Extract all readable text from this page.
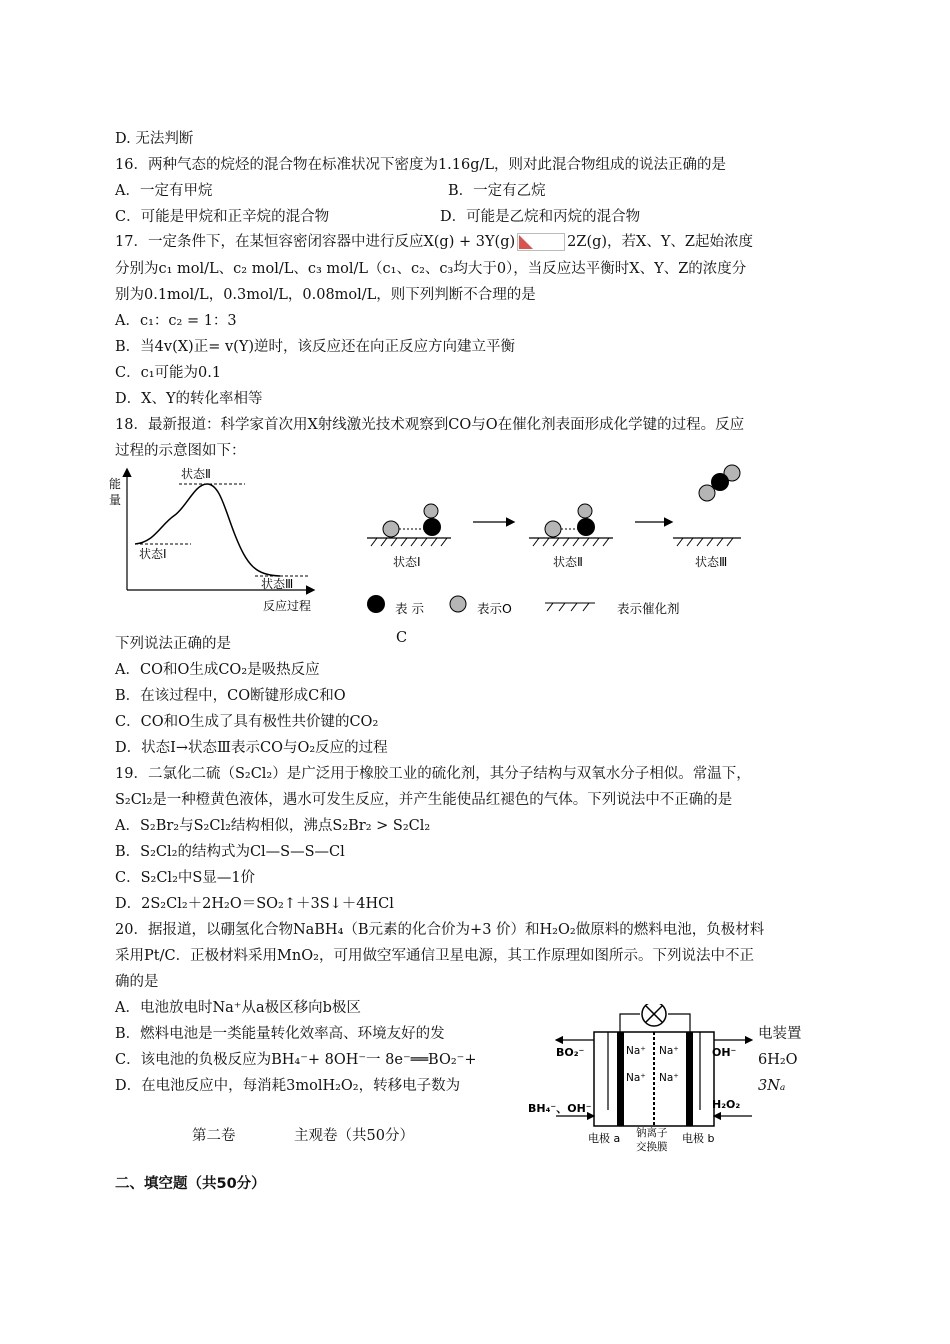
D. 无法判断
16．两种气态的烷烃的混合物在标准状况下密度为1.16g/L，则对此混合物组成的说法正确的是
A．一定有甲烷	B．一定有乙烷
C．可能是甲烷和正辛烷的混合物	D．可能是乙烷和丙烷的混合物
17．一定条件下，在某恒容密闭容器中进行反应X(g) + 3Y(g)	2Z(g)，若X、Y、Z起始浓度
分别为c₁ mol/L、c₂ mol/L、c₃ mol/L（c₁、c₂、c₃均大于0），当反应达平衡时X、Y、Z的浓度分
别为0.1mol/L，0.3mol/L，0.08mol/L，则下列判断不合理的是
A．c₁：c₂ = 1：3
B．当4v(X)正= v(Y)逆时，该反应还在向正反应方向建立平衡
C．c₁可能为0.1
D．X、Y的转化率相等
18．最新报道：科学家首次用X射线激光技术观察到CO与O在催化剂表面形成化学键的过程。反应
过程的示意图如下：
能
量
反应过程
状态Ⅱ
状态Ⅰ
状态Ⅲ
状态Ⅰ	状态Ⅱ	状态Ⅲ
表 示	表示O	表示催化剂
C
下列说法正确的是
A．CO和O生成CO₂是吸热反应
B．在该过程中，CO断键形成C和O
C．CO和O生成了具有极性共价键的CO₂
D．状态Ⅰ→状态Ⅲ表示CO与O₂反应的过程
19．二氯化二硫（S₂Cl₂）是广泛用于橡胶工业的硫化剂，其分子结构与双氧水分子相似。常温下，
S₂Cl₂是一种橙黄色液体，遇水可发生反应，并产生能使品红褪色的气体。下列说法中不正确的是
A．S₂Br₂与S₂Cl₂结构相似，沸点S₂Br₂ > S₂Cl₂
B．S₂Cl₂的结构式为Cl—S—S—Cl
C．S₂Cl₂中S显—1价
D．2S₂Cl₂＋2H₂O＝SO₂↑＋3S↓＋4HCl
20．据报道，以硼氢化合物NaBH₄（B元素的化合价为+3 价）和H₂O₂做原料的燃料电池，负极材料
采用Pt/C．正极材料采用MnO₂，可用做空军通信卫星电源，其工作原理如图所示。下列说法中不正
确的是
A．电池放电时Na⁺从a极区移向b极区
B．燃料电池是一类能量转化效率高、环境友好的发	电装置
C．该电池的负极反应为BH₄⁻+ 8OH⁻一 8e⁻══BO₂⁻+	6H₂O
D．在电池反应中，每消耗3molH₂O₂，转移电子数为	3Nₐ
Na⁺ Na⁺
Na⁺ Na⁺
BO₂⁻	OH⁻
BH₄⁻、OH⁻	H₂O₂
电极 a 钠离子
交换膜
电极 b
第二卷	主观卷（共50分）
二、填空题（共50分）
